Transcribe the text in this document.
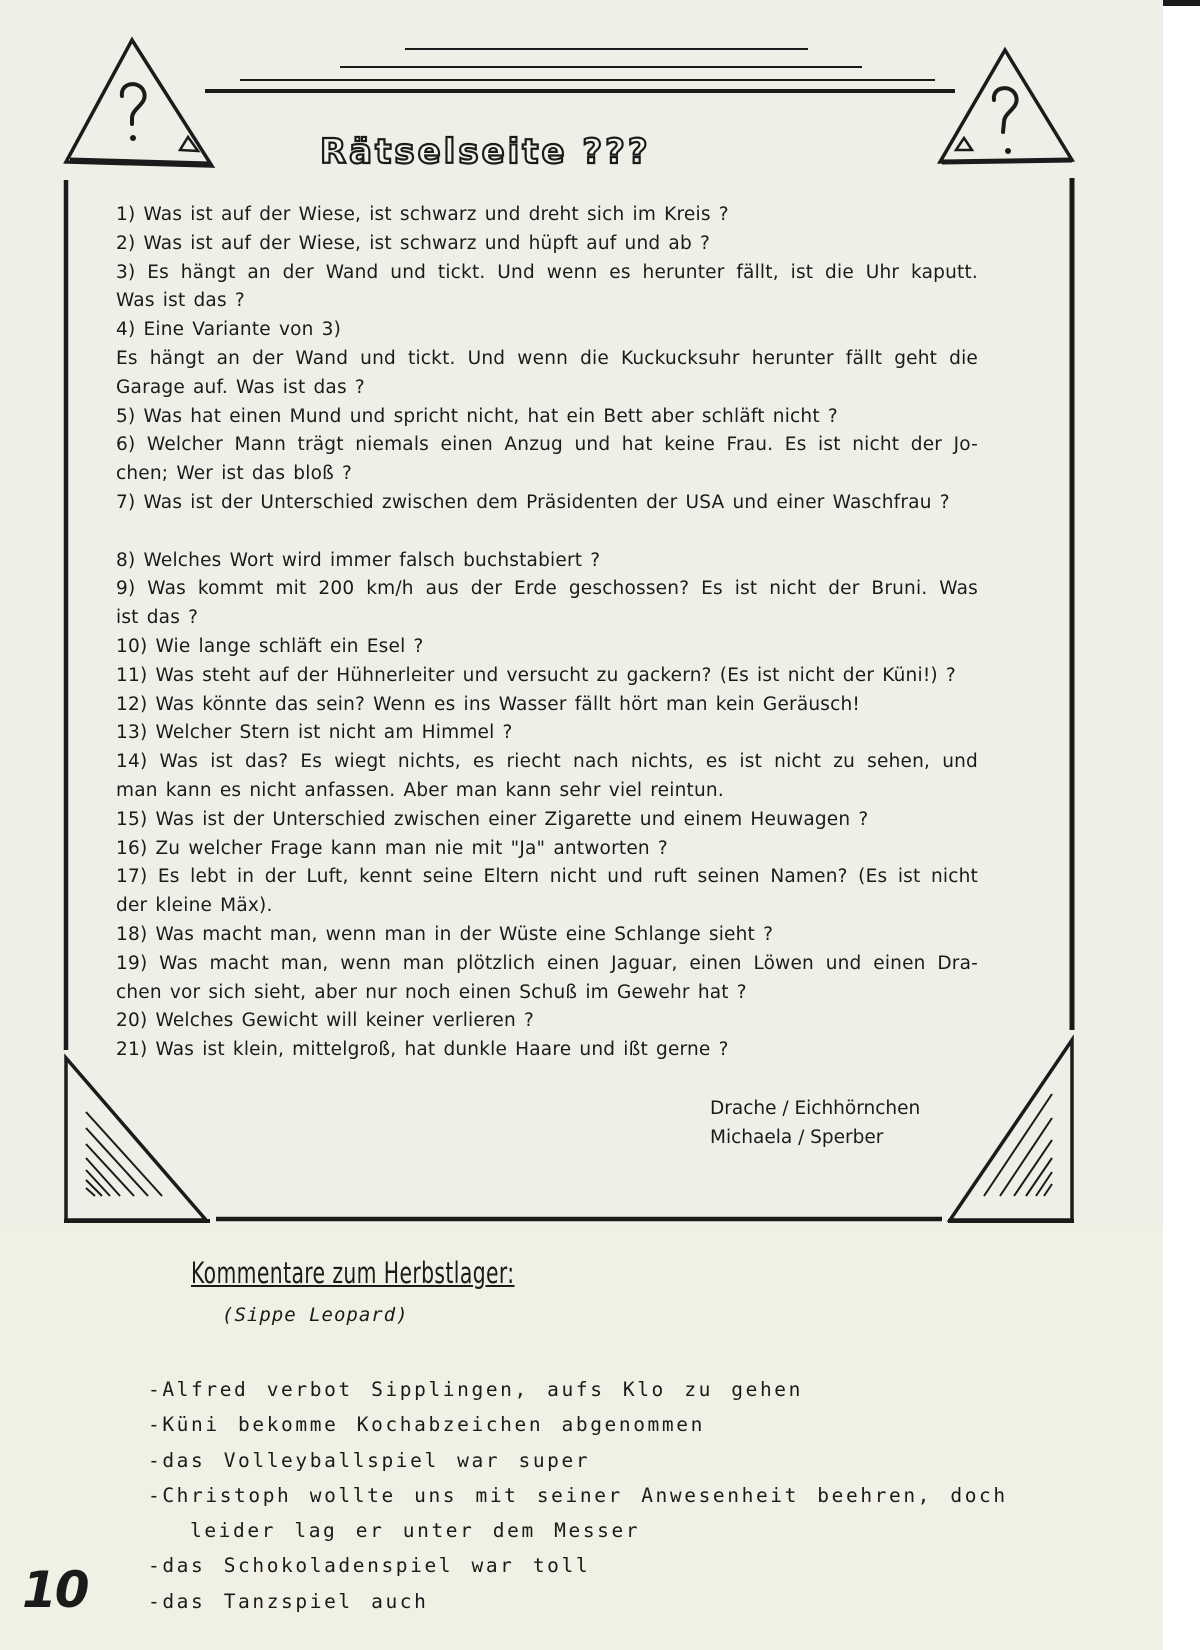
Rätselseite ???
1) Was ist auf der Wiese, ist schwarz und dreht sich im Kreis ?
2) Was ist auf der Wiese, ist schwarz und hüpft auf und ab ?
3) Es hängt an der Wand und tickt. Und wenn es herunter fällt, ist die Uhr kaputt.
Was ist das ?
4) Eine Variante von 3)
Es hängt an der Wand und tickt. Und wenn die Kuckucksuhr herunter fällt geht die
Garage auf. Was ist das ?
5) Was hat einen Mund und spricht nicht, hat ein Bett aber schläft nicht ?
6) Welcher Mann trägt niemals einen Anzug und hat keine Frau. Es ist nicht der Jo-
chen; Wer ist das bloß ?
7) Was ist der Unterschied zwischen dem Präsidenten der USA und einer Waschfrau ?
8) Welches Wort wird immer falsch buchstabiert ?
9) Was kommt mit 200 km/h aus der Erde geschossen? Es ist nicht der Bruni. Was
ist das ?
10) Wie lange schläft ein Esel ?
11) Was steht auf der Hühnerleiter und versucht zu gackern? (Es ist nicht der Küni!) ?
12) Was könnte das sein? Wenn es ins Wasser fällt hört man kein Geräusch!
13) Welcher Stern ist nicht am Himmel ?
14) Was ist das? Es wiegt nichts, es riecht nach nichts, es ist nicht zu sehen, und
man kann es nicht anfassen. Aber man kann sehr viel reintun.
15) Was ist der Unterschied zwischen einer Zigarette und einem Heuwagen ?
16) Zu welcher Frage kann man nie mit "Ja" antworten ?
17) Es lebt in der Luft, kennt seine Eltern nicht und ruft seinen Namen? (Es ist nicht
der kleine Mäx).
18) Was macht man, wenn man in der Wüste eine Schlange sieht ?
19) Was macht man, wenn man plötzlich einen Jaguar, einen Löwen und einen Dra-
chen vor sich sieht, aber nur noch einen Schuß im Gewehr hat ?
20) Welches Gewicht will keiner verlieren ?
21) Was ist klein, mittelgroß, hat dunkle Haare und ißt gerne ?
Drache / Eichhörnchen
Michaela / Sperber
Kommentare zum Herbstlager:
(Sippe Leopard)
-Alfred verbot Sipplingen, aufs Klo zu gehen
-Küni bekomme Kochabzeichen abgenommen
-das Volleyballspiel war super
-Christoph wollte uns mit seiner Anwesenheit beehren, doch
leider lag er unter dem Messer
-das Schokoladenspiel war toll
-das Tanzspiel auch
10
